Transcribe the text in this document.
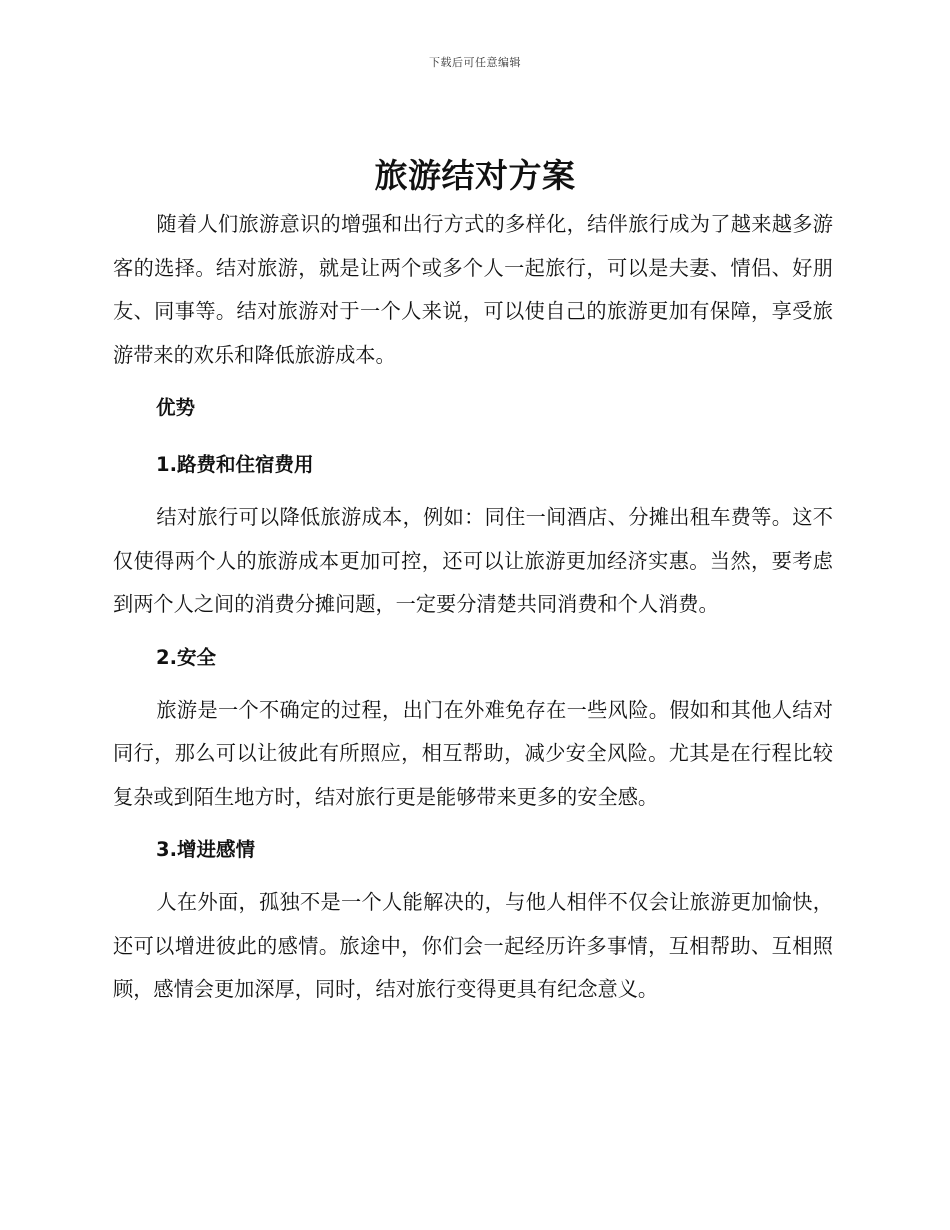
下载后可任意编辑
旅游结对方案

随着人们旅游意识的增强和出行方式的多样化，结伴旅行成为了越来越多游客的选择。结对旅游，就是让两个或多个人一起旅行，可以是夫妻、情侣、好朋友、同事等。结对旅游对于一个人来说，可以使自己的旅游更加有保障，享受旅游带来的欢乐和降低旅游成本。

优势
1.路费和住宿费用

结对旅行可以降低旅游成本，例如：同住一间酒店、分摊出租车费等。这不仅使得两个人的旅游成本更加可控，还可以让旅游更加经济实惠。当然，要考虑到两个人之间的消费分摊问题，一定要分清楚共同消费和个人消费。

2.安全

旅游是一个不确定的过程，出门在外难免存在一些风险。假如和其他人结对同行，那么可以让彼此有所照应，相互帮助，减少安全风险。尤其是在行程比较复杂或到陌生地方时，结对旅行更是能够带来更多的安全感。

3.增进感情

人在外面，孤独不是一个人能解决的，与他人相伴不仅会让旅游更加愉快，还可以增进彼此的感情。旅途中，你们会一起经历许多事情，互相帮助、互相照顾，感情会更加深厚，同时，结对旅行变得更具有纪念意义。
